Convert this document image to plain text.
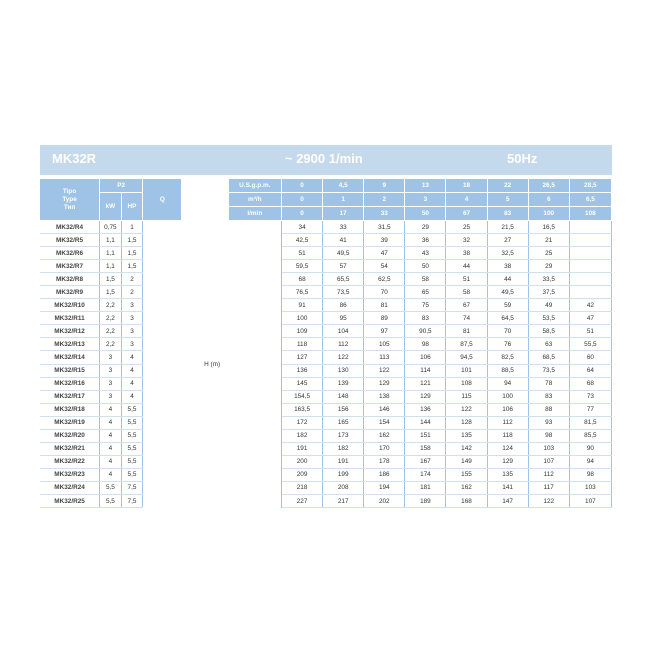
MK32R	~ 2900 1/min	50Hz
Tipo
Type
Тип	P2		Q		U.S.g.p.m.	0	4,5	9	13	18	22	26,5	28,5
	kW	HP			m³/h	0	1	2	3	4	5	6	6,5
					l/min	0	17	33	50	67	83	100	108
MK32/R4	0,75	1	H (m)			34	33	31,5	29	25	21,5	16,5	
MK32/R5	1,1	1,5				42,5	41	39	36	32	27	21	
MK32/R6	1,1	1,5				51	49,5	47	43	38	32,5	25	
MK32/R7	1,1	1,5				59,5	57	54	50	44	38	29	
MK32/R8	1,5	2				68	65,5	62,5	58	51	44	33,5	
MK32/R9	1,5	2				76,5	73,5	70	65	58	49,5	37,5	
MK32/R10	2,2	3				91	86	81	75	67	59	49	42
MK32/R11	2,2	3				100	95	89	83	74	64,5	53,5	47
MK32/R12	2,2	3				109	104	97	90,5	81	70	58,5	51
MK32/R13	2,2	3				118	112	105	98	87,5	76	63	55,5
MK32/R14	3	4				127	122	113	106	94,5	82,5	68,5	60
MK32/R15	3	4				136	130	122	114	101	88,5	73,5	64
MK32/R16	3	4				145	139	129	121	108	94	78	68
MK32/R17	3	4				154,5	148	138	129	115	100	83	73
MK32/R18	4	5,5				163,5	156	146	136	122	106	88	77
MK32/R19	4	5,5				172	165	154	144	128	112	93	81,5
MK32/R20	4	5,5				182	173	162	151	135	118	98	85,5
MK32/R21	4	5,5				191	182	170	158	142	124	103	90
MK32/R22	4	5,5				200	191	178	167	149	129	107	94
MK32/R23	4	5,5				209	199	186	174	155	135	112	98
MK32/R24	5,5	7,5				218	208	194	181	162	141	117	103
MK32/R25	5,5	7,5				227	217	202	189	168	147	122	107
